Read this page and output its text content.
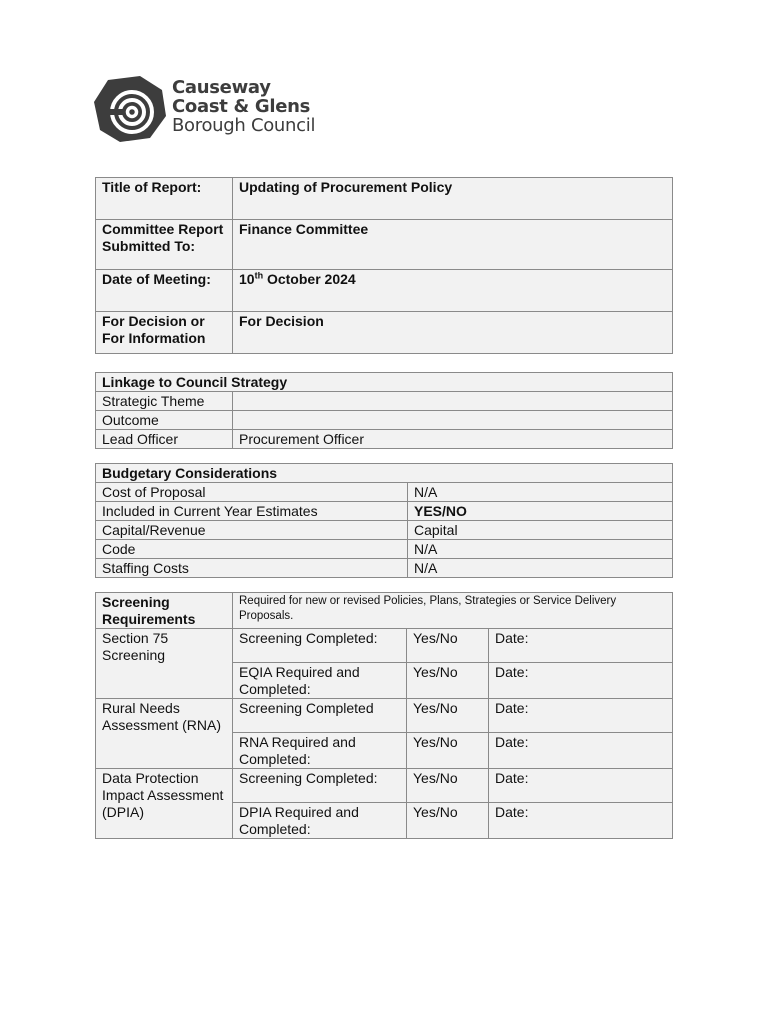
Causeway
Coast & Glens
Borough Council
Title of Report:	Updating of Procurement Policy
Committee Report Submitted To:	Finance Committee
Date of Meeting:	10th October 2024
For Decision or For Information	For Decision
Linkage to Council Strategy	
Strategic Theme	
Outcome	
Lead Officer	Procurement Officer
Budgetary Considerations	
Cost of Proposal	N/A
Included in Current Year Estimates	YES/NO
Capital/Revenue	Capital
Code	N/A
Staffing Costs	N/A
Screening Requirements	Required for new or revised Policies, Plans, Strategies or Service Delivery Proposals.		
Section 75 Screening	Screening Completed:	Yes/No	Date:
	EQIA Required and Completed:	Yes/No	Date:
Rural Needs Assessment (RNA)	Screening Completed	Yes/No	Date:
	RNA Required and Completed:	Yes/No	Date:
Data Protection Impact Assessment (DPIA)	Screening Completed:	Yes/No	Date:
	DPIA Required and Completed:	Yes/No	Date:
